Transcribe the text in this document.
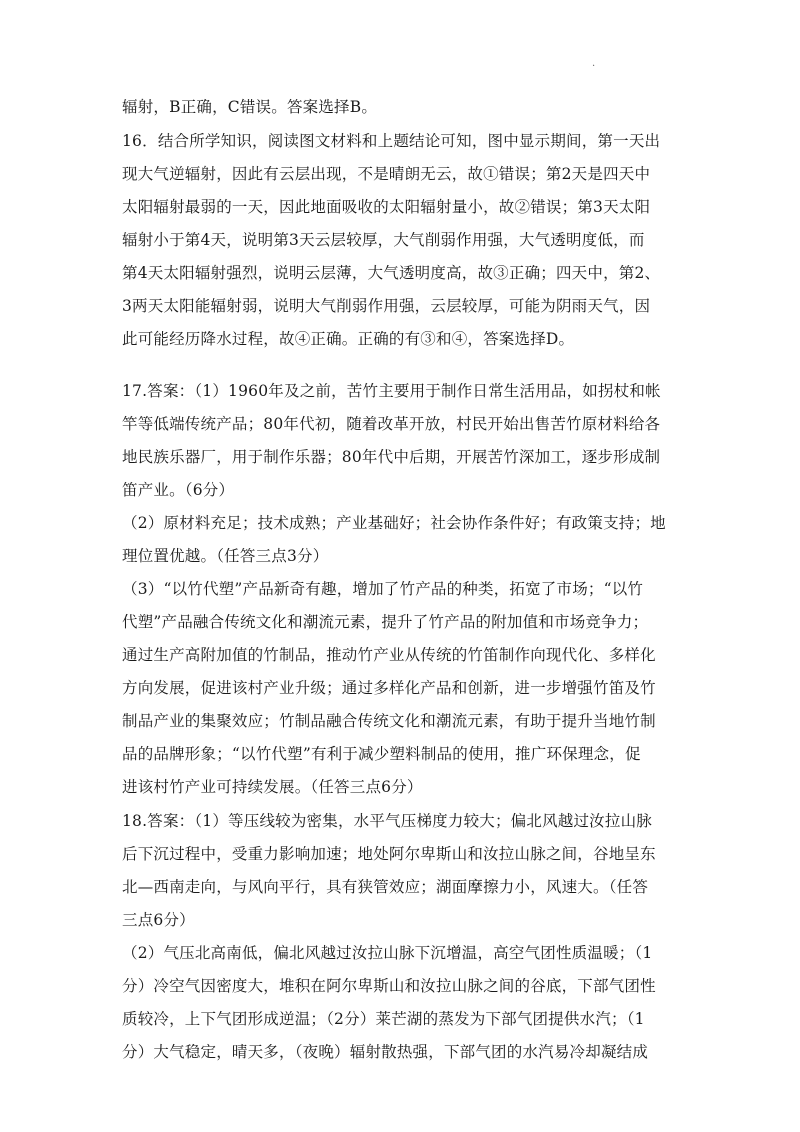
.
辐射，B正确，C错误。答案选择B。
16．结合所学知识，阅读图文材料和上题结论可知，图中显示期间，第一天出
现大气逆辐射，因此有云层出现，不是晴朗无云，故①错误；第2天是四天中
太阳辐射最弱的一天，因此地面吸收的太阳辐射量小，故②错误；第3天太阳
辐射小于第4天，说明第3天云层较厚，大气削弱作用强，大气透明度低，而
第4天太阳辐射强烈，说明云层薄，大气透明度高，故③正确；四天中，第2、
3两天太阳能辐射弱，说明大气削弱作用强，云层较厚，可能为阴雨天气，因
此可能经历降水过程，故④正确。正确的有③和④，答案选择D。
17.答案：（1）1960年及之前，苦竹主要用于制作日常生活用品，如拐杖和帐
竿等低端传统产品；80年代初，随着改革开放，村民开始出售苦竹原材料给各
地民族乐器厂，用于制作乐器；80年代中后期，开展苦竹深加工，逐步形成制
笛产业。（6分）
（2）原材料充足；技术成熟；产业基础好；社会协作条件好；有政策支持；地
理位置优越。（任答三点3分）
（3）“以竹代塑”产品新奇有趣，增加了竹产品的种类，拓宽了市场；“以竹
代塑”产品融合传统文化和潮流元素，提升了竹产品的附加值和市场竞争力；
通过生产高附加值的竹制品，推动竹产业从传统的竹笛制作向现代化、多样化
方向发展，促进该村产业升级；通过多样化产品和创新，进一步增强竹笛及竹
制品产业的集聚效应；竹制品融合传统文化和潮流元素，有助于提升当地竹制
品的品牌形象；“以竹代塑”有利于减少塑料制品的使用，推广环保理念，促
进该村竹产业可持续发展。（任答三点6分）
18.答案：（1）等压线较为密集，水平气压梯度力较大；偏北风越过汝拉山脉
后下沉过程中，受重力影响加速；地处阿尔卑斯山和汝拉山脉之间，谷地呈东
北—西南走向，与风向平行，具有狭管效应；湖面摩擦力小，风速大。（任答
三点6分）
（2）气压北高南低，偏北风越过汝拉山脉下沉增温，高空气团性质温暖；（1
分）冷空气因密度大，堆积在阿尔卑斯山和汝拉山脉之间的谷底，下部气团性
质较冷，上下气团形成逆温；（2分）莱芒湖的蒸发为下部气团提供水汽；（1
分）大气稳定，晴天多，（夜晚）辐射散热强，下部气团的水汽易冷却凝结成
